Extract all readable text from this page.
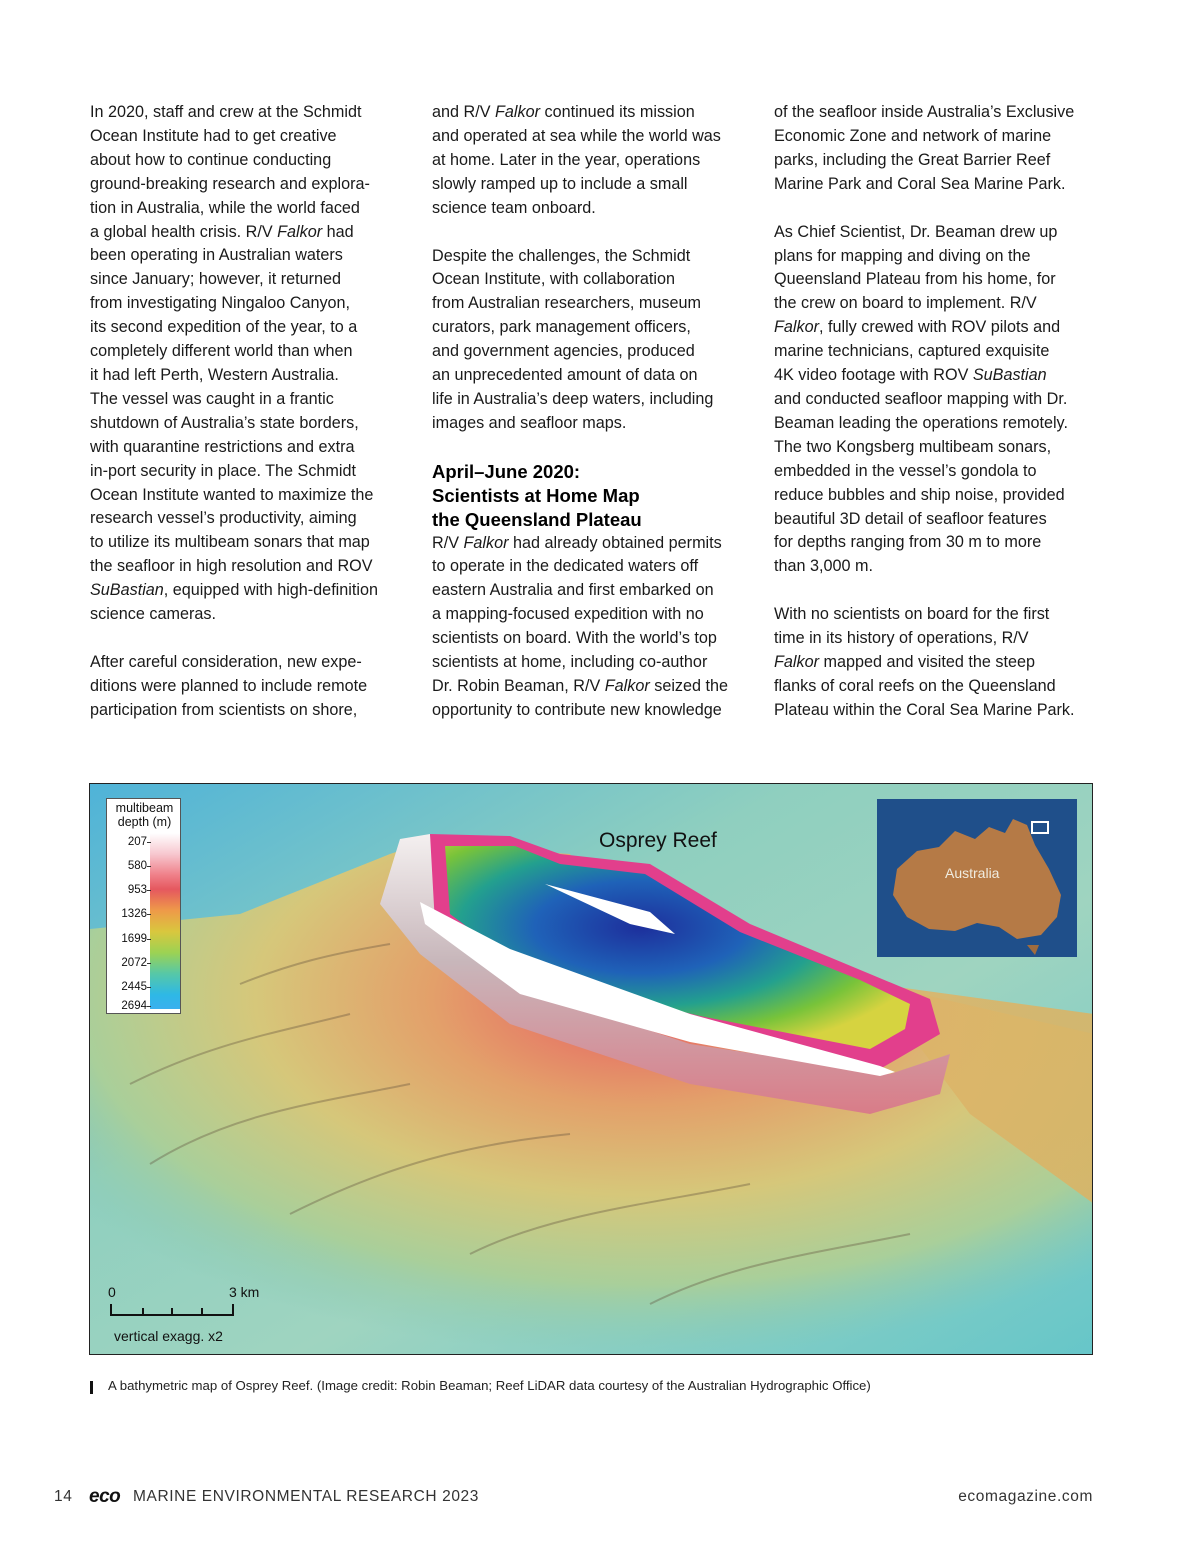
In 2020, staff and crew at the Schmidt
Ocean Institute had to get creative
about how to continue conducting
ground-breaking research and explora-
tion in Australia, while the world faced
a global health crisis. R/V Falkor had
been operating in Australian waters
since January; however, it returned
from investigating Ningaloo Canyon,
its second expedition of the year, to a
completely different world than when
it had left Perth, Western Australia.
The vessel was caught in a frantic
shutdown of Australia’s state borders,
with quarantine restrictions and extra
in-port security in place. The Schmidt
Ocean Institute wanted to maximize the
research vessel’s productivity, aiming
to utilize its multibeam sonars that map
the seafloor in high resolution and ROV
SuBastian, equipped with high-definition
science cameras.

After careful consideration, new expe-
ditions were planned to include remote
participation from scientists on shore,

and R/V Falkor continued its mission
and operated at sea while the world was
at home. Later in the year, operations
slowly ramped up to include a small
science team onboard.

Despite the challenges, the Schmidt
Ocean Institute, with collaboration
from Australian researchers, museum
curators, park management officers,
and government agencies, produced
an unprecedented amount of data on
life in Australia’s deep waters, including
images and seafloor maps.

April–June 2020:
Scientists at Home Map
the Queensland Plateau

R/V Falkor had already obtained permits
to operate in the dedicated waters off
eastern Australia and first embarked on
a mapping-focused expedition with no
scientists on board. With the world’s top
scientists at home, including co-author
Dr. Robin Beaman, R/V Falkor seized the
opportunity to contribute new knowledge

of the seafloor inside Australia’s Exclusive
Economic Zone and network of marine
parks, including the Great Barrier Reef
Marine Park and Coral Sea Marine Park.

As Chief Scientist, Dr. Beaman drew up
plans for mapping and diving on the
Queensland Plateau from his home, for
the crew on board to implement. R/V
Falkor, fully crewed with ROV pilots and
marine technicians, captured exquisite
4K video footage with ROV SuBastian
and conducted seafloor mapping with Dr.
Beaman leading the operations remotely.
The two Kongsberg multibeam sonars,
embedded in the vessel’s gondola to
reduce bubbles and ship noise, provided
beautiful 3D detail of seafloor features
for depths ranging from 30 m to more
than 3,000 m.

With no scientists on board for the first
time in its history of operations, R/V
Falkor mapped and visited the steep
flanks of coral reefs on the Queensland
Plateau within the Coral Sea Marine Park.

multibeam
depth (m)
207
580
953
1326
1699
2072
2445
2694
Osprey Reef
Australia
0	3 km
vertical exagg. x2
A bathymetric map of Osprey Reef. (Image credit: Robin Beaman; Reef LiDAR data courtesy of the Australian Hydrographic Office)
14 eco MARINE ENVIRONMENTAL RESEARCH 2023	ecomagazine.com
